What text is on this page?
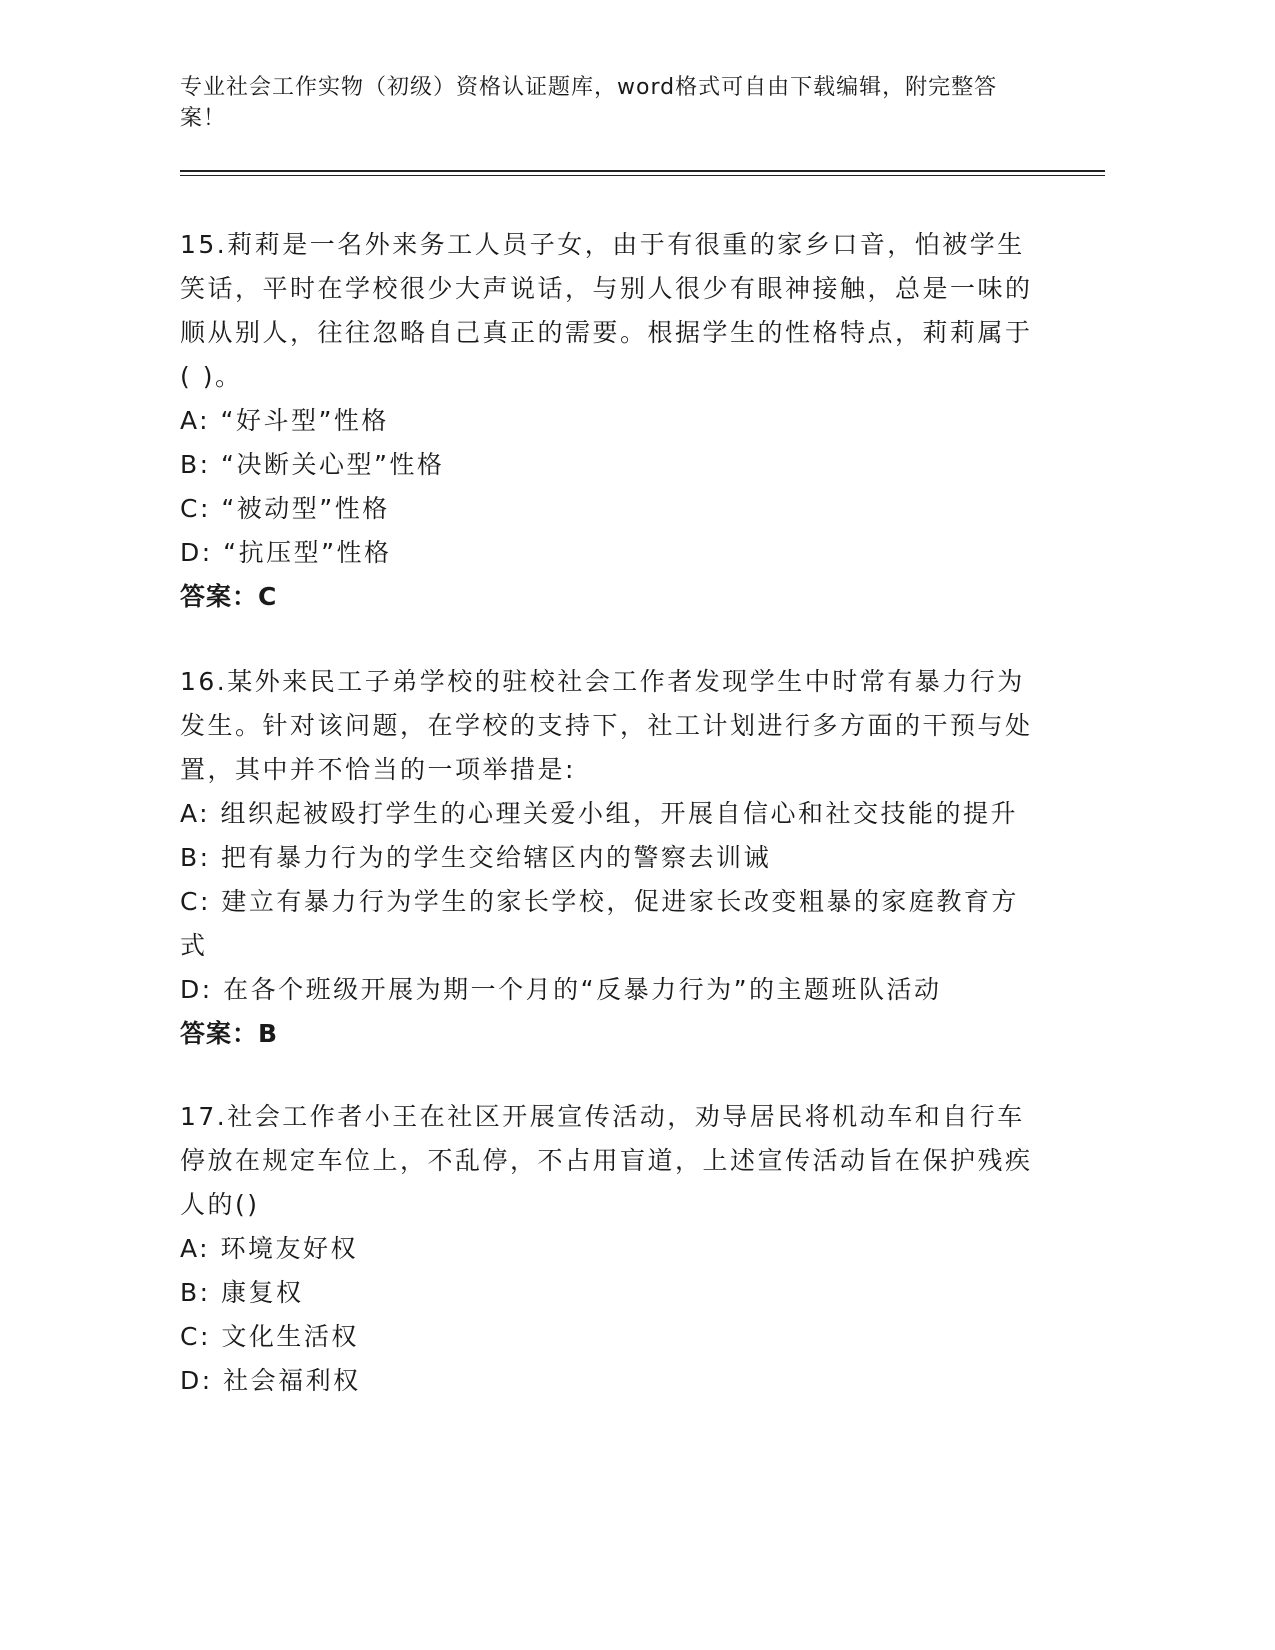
专业社会工作实物（初级）资格认证题库，word格式可自由下载编辑，附完整答案！
15.莉莉是一名外来务工人员子女，由于有很重的家乡口音，怕被学生笑话，平时在学校很少大声说话，与别人很少有眼神接触，总是一味的顺从别人，往往忽略自己真正的需要。根据学生的性格特点，莉莉属于( )。
A: “好斗型”性格
B: “决断关心型”性格
C: “被动型”性格
D: “抗压型”性格
答案：C
16.某外来民工子弟学校的驻校社会工作者发现学生中时常有暴力行为发生。针对该问题，在学校的支持下，社工计划进行多方面的干预与处置，其中并不恰当的一项举措是:
A: 组织起被殴打学生的心理关爱小组，开展自信心和社交技能的提升
B: 把有暴力行为的学生交给辖区内的警察去训诫
C: 建立有暴力行为学生的家长学校，促进家长改变粗暴的家庭教育方式
D: 在各个班级开展为期一个月的“反暴力行为”的主题班队活动
答案：B
17.社会工作者小王在社区开展宣传活动，劝导居民将机动车和自行车停放在规定车位上，不乱停，不占用盲道，上述宣传活动旨在保护残疾人的()
A: 环境友好权
B: 康复权
C: 文化生活权
D: 社会福利权
